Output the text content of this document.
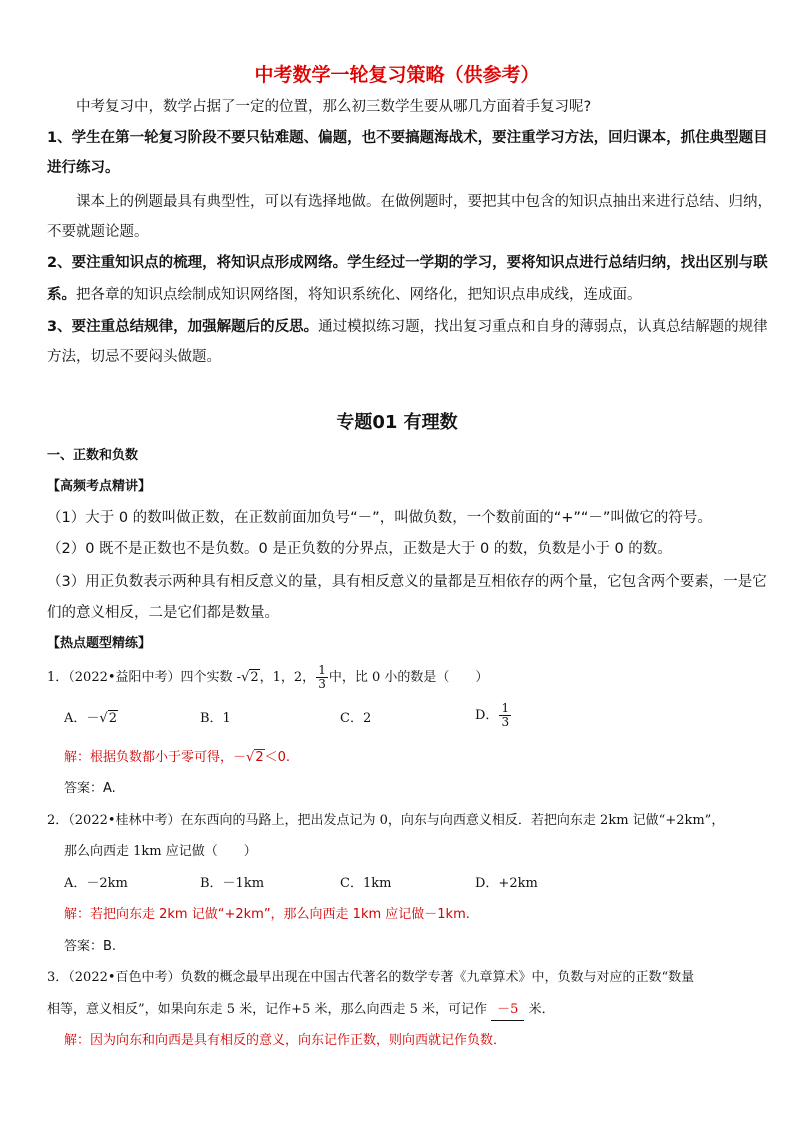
中考数学一轮复习策略（供参考）
中考复习中，数学占据了一定的位置，那么初三数学生要从哪几方面着手复习呢?
1、学生在第一轮复习阶段不要只钻难题、偏题，也不要搞题海战术，要注重学习方法，回归课本，抓住典型题目
进行练习。
课本上的例题最具有典型性，可以有选择地做。在做例题时，要把其中包含的知识点抽出来进行总结、归纳，
不要就题论题。
2、要注重知识点的梳理，将知识点形成网络。学生经过一学期的学习，要将知识点进行总结归纳，找出区别与联
系。把各章的知识点绘制成知识网络图，将知识系统化、网络化，把知识点串成线，连成面。
3、要注重总结规律，加强解题后的反思。通过模拟练习题，找出复习重点和自身的薄弱点，认真总结解题的规律
方法，切忌不要闷头做题。
专题01 有理数
一、正数和负数
【高频考点精讲】
（1）大于 0 的数叫做正数，在正数前面加负号“－”，叫做负数，一个数前面的“+”“－”叫做它的符号。
（2）0 既不是正数也不是负数。0 是正负数的分界点，正数是大于 0 的数，负数是小于 0 的数。
（3）用正负数表示两种具有相反意义的量，具有相反意义的量都是互相依存的两个量，它包含两个要素，一是它
们的意义相反，二是它们都是数量。
【热点题型精练】
1．（2022•益阳中考）四个实数 -√2，1，2， $\frac{1}{3}$ 中，比 0 小的数是（　　）
A．－√2	B．1	C．2	D． $\frac{1}{3}$
解：根据负数都小于零可得，－√2＜0.
答案：A.
2．（2022•桂林中考）在东西向的马路上，把出发点记为 0，向东与向西意义相反．若把向东走 2km 记做“+2km”，
那么向西走 1km 应记做（　　）
A．－2km	B．－1km	C．1km	D．+2km
解：若把向东走 2km 记做“+2km”，那么向西走 1km 应记做－1km.
答案：B.
3．（2022•百色中考）负数的概念最早出现在中国古代著名的数学专著《九章算术》中，负数与对应的正数“数量
相等，意义相反”，如果向东走 5 米，记作+5 米，那么向西走 5 米，可记作 －5 米．
解：因为向东和向西是具有相反的意义，向东记作正数，则向西就记作负数．
